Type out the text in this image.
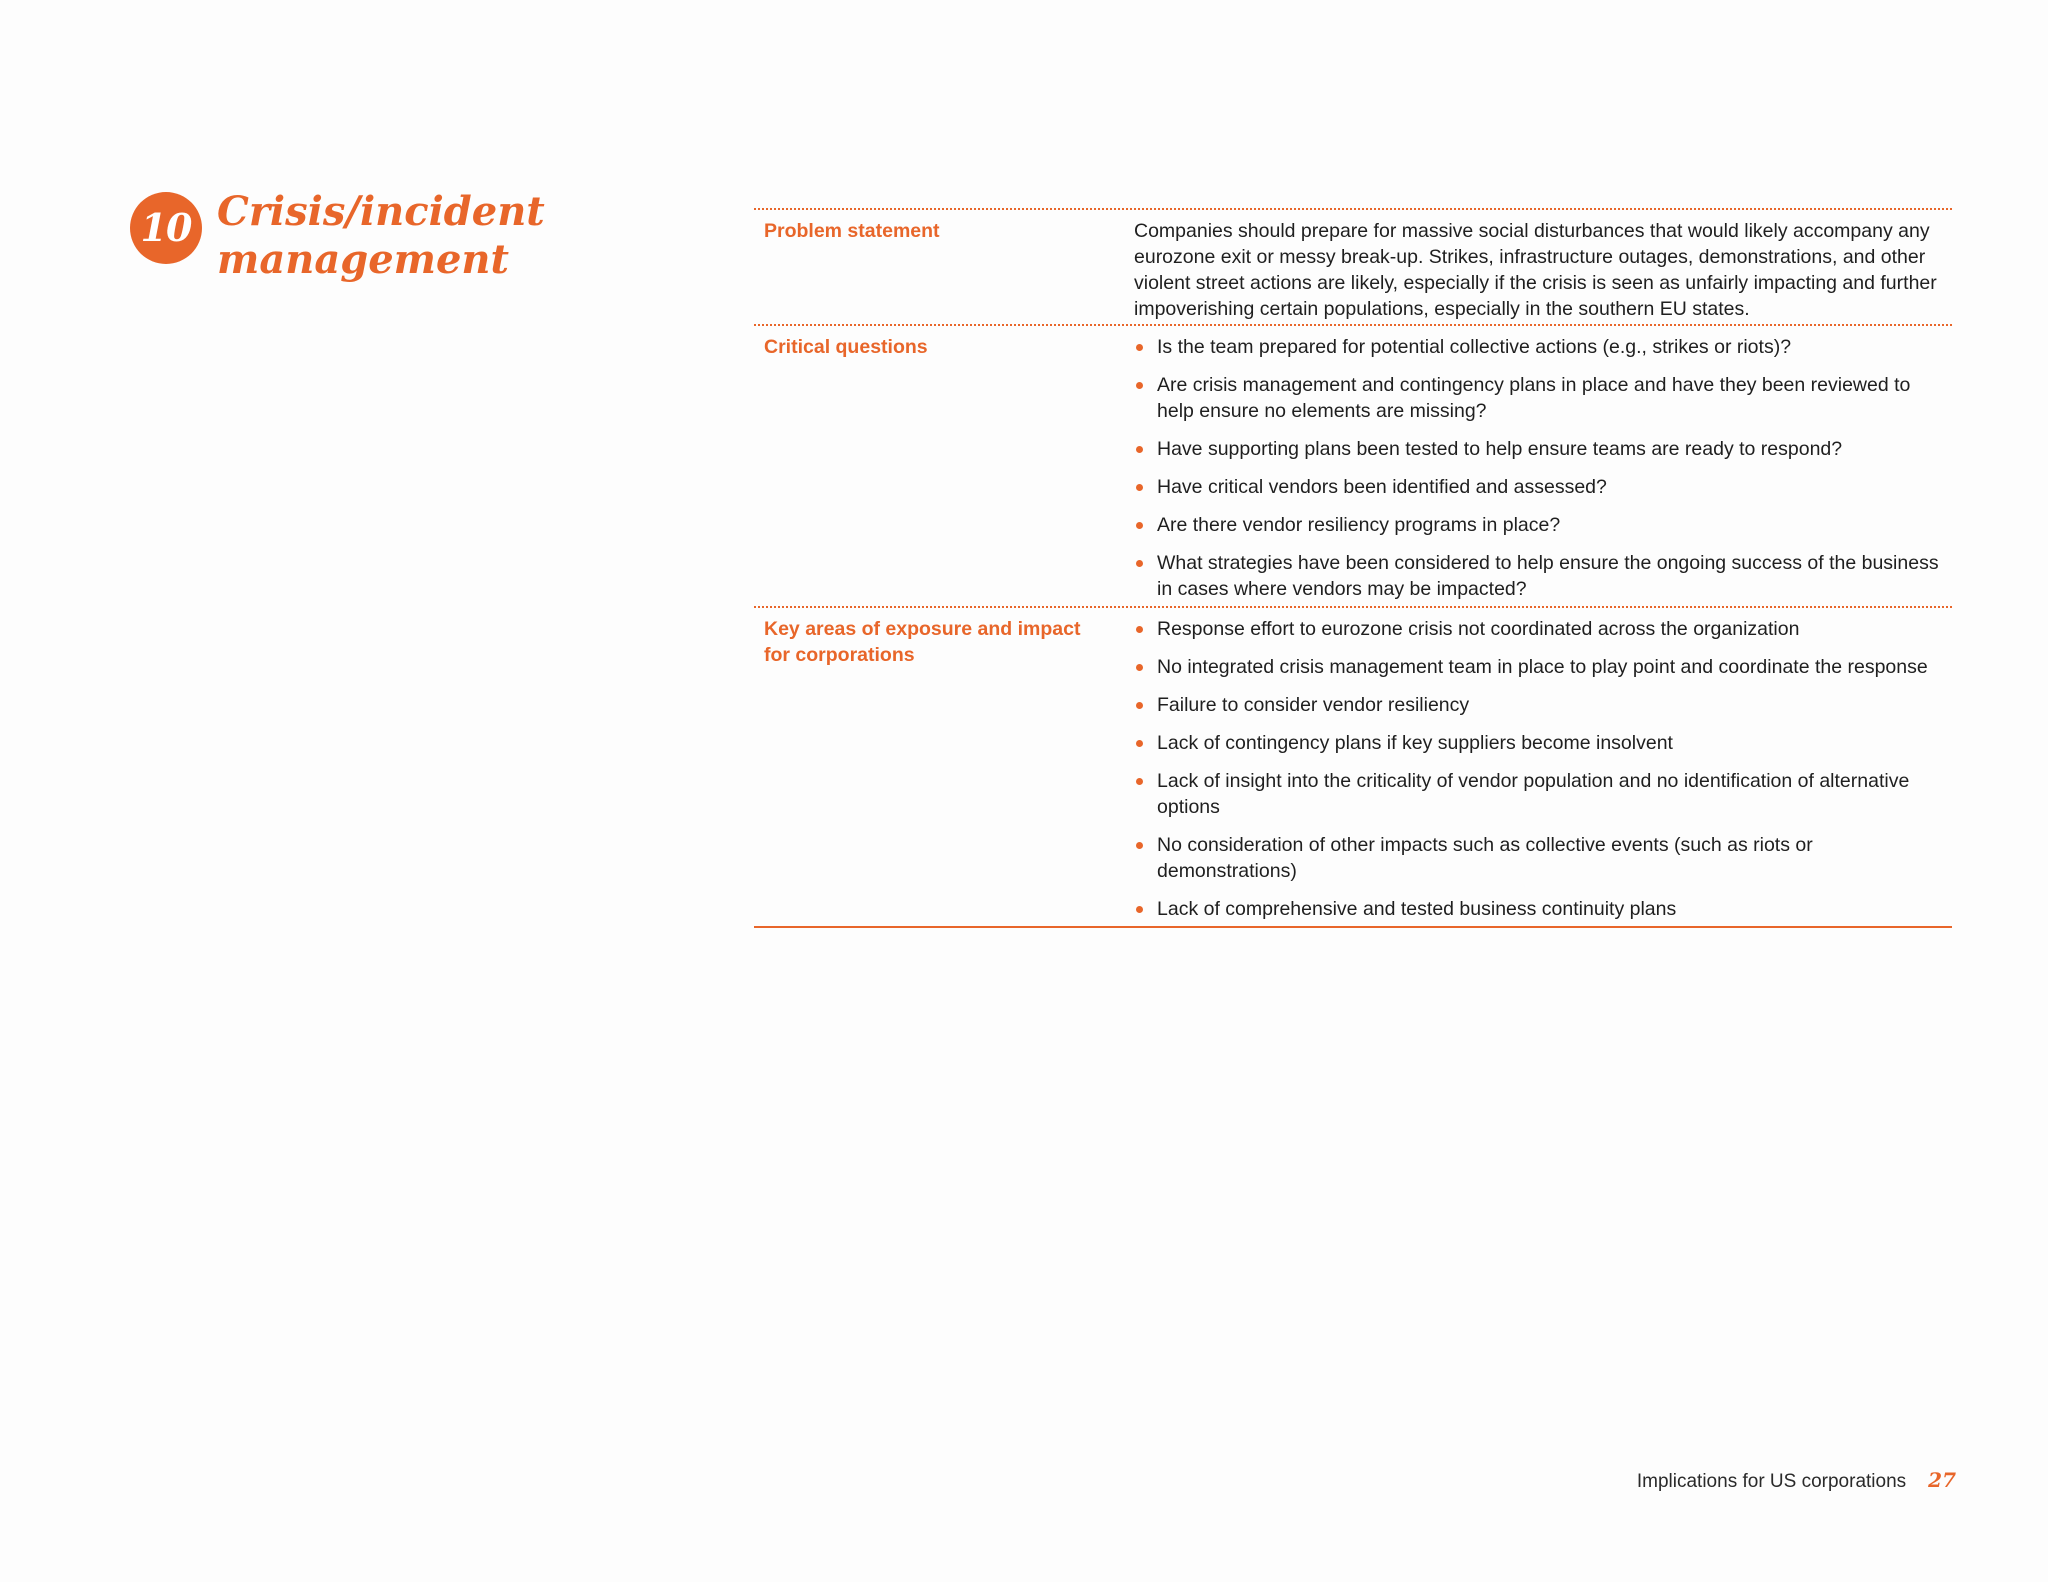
10 Crisis/incident management
Problem statement	Companies should prepare for massive social disturbances that would likely accompany any eurozone exit or messy break-up. Strikes, infrastructure outages, demonstrations, and other violent street actions are likely, especially if the crisis is seen as unfairly impacting and further impoverishing certain populations, especially in the southern EU states.

Critical questions	Is the team prepared for potential collective actions (e.g., strikes or riots)?
Are crisis management and contingency plans in place and have they been reviewed to help ensure no elements are missing?
Have supporting plans been tested to help ensure teams are ready to respond?
Have critical vendors been identified and assessed?
Are there vendor resiliency programs in place?
What strategies have been considered to help ensure the ongoing success of the business in cases where vendors may be impacted?
Key areas of exposure and impact for corporations
Response effort to eurozone crisis not coordinated across the organization
No integrated crisis management team in place to play point and coordinate the response
Failure to consider vendor resiliency
Lack of contingency plans if key suppliers become insolvent
Lack of insight into the criticality of vendor population and no identification of alternative options
No consideration of other impacts such as collective events (such as riots or demonstrations)
Lack of comprehensive and tested business continuity plans
Implications for US corporations 27
